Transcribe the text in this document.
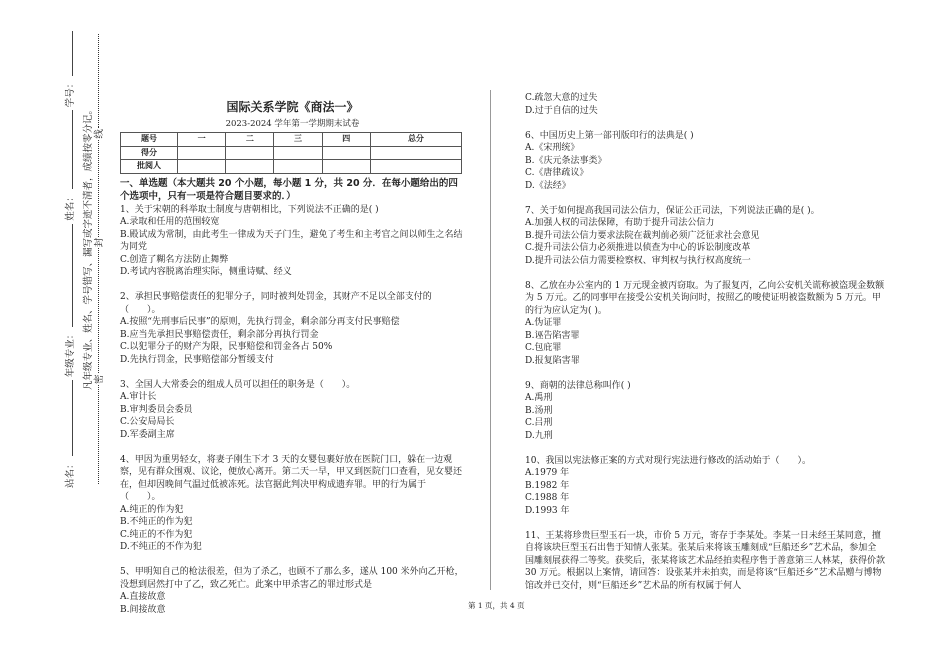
站名：
年级专业：
姓名：
学号：
凡年级专业、姓名、学号错写、漏写或字迹不清者，成绩按零分记。 密
封
线
国际关系学院《商法一》
2023-2024 学年第一学期期末试卷
题号	一	二	三	四	总分
得分					
批阅人					
一、单选题（本大题共 20 个小题，每小题 1 分，共 20 分．在每小题给出的四个选项中，只有一项是符合题目要求的．）
1、关于宋朝的科举取士制度与唐朝相比，下列说法不正确的是( )
A.录取和任用的范围较宽
B.殿试成为常制，由此考生一律成为天子门生，避免了考生和主考官之间以师生之名结为同党
C.创造了糊名方法防止舞弊
D.考试内容脱离治理实际，侧重诗赋、经义
2、承担民事赔偿责任的犯罪分子，同时被判处罚金，其财产不足以全部支付的（　　）。
A.按照“先刑事后民事”的原则，先执行罚金，剩余部分再支付民事赔偿
B.应当先承担民事赔偿责任，剩余部分再执行罚金
C.以犯罪分子的财产为限，民事赔偿和罚金各占 50%
D.先执行罚金，民事赔偿部分暂缓支付
3、全国人大常委会的组成人员可以担任的职务是（　　）。
A.审计长
B.审判委员会委员
C.公安局局长
D.军委副主席
4、甲因为重男轻女，将妻子刚生下才 3 天的女婴包裹好放在医院门口，躲在一边观察，见有群众围观、议论，便放心离开。第二天一早，甲又到医院门口查看，见女婴还在，但却因晚间气温过低被冻死。法官据此判决甲构成遗弃罪。甲的行为属于（　　）。
A.纯正的作为犯
B.不纯正的作为犯
C.纯正的不作为犯
D.不纯正的不作为犯
5、甲明知自己的枪法很差，但为了杀乙，也顾不了那么多，遂从 100 米外向乙开枪，没想到居然打中了乙，致乙死亡。此案中甲杀害乙的罪过形式是
A.直接故意
B.间接故意
C.疏忽大意的过失
D.过于自信的过失
6、中国历史上第一部刊版印行的法典是( )
A.《宋刑统》
B.《庆元条法事类》
C.《唐律疏议》
D.《法经》
7、关于如何提高我国司法公信力，保证公正司法，下列说法正确的是( )。
A.加强人权的司法保障，有助于提升司法公信力
B.提升司法公信力要求法院在裁判前必须广泛征求社会意见
C.提升司法公信力必须推进以侦查为中心的诉讼制度改革
D.提升司法公信力需要检察权、审判权与执行权高度统一
8、乙放在办公室内的 1 万元现金被丙窃取。为了报复丙，乙向公安机关谎称被盗现金数额为 5 万元。乙的同事甲在接受公安机关询问时，按照乙的唆使证明被盗数额为 5 万元。甲的行为应认定为( )。
A.伪证罪
B.诬告陷害罪
C.包庇罪
D.报复陷害罪
9、商朝的法律总称叫作( )
A.禹刑
B.汤刑
C.吕刑
D.九刑
10、我国以宪法修正案的方式对现行宪法进行修改的活动始于（　　）。
A.1979 年
B.1982 年
C.1988 年
D.1993 年
11、王某将珍贵巨型玉石一块，市价 5 万元，寄存于李某处。李某一日未经王某同意，擅自将该块巨型玉石出售于知情人张某。张某后来将该玉雕刻成“巨船还乡”艺术品，参加全国雕刻展获得二等奖。获奖后，张某将该艺术品经拍卖程序售于善意第三人林某，获得价款 30 万元。根据以上案情，请回答：设张某并未拍卖，而是将该“巨船还乡”艺术品赠与博物馆改并已交付，则“巨船还乡”艺术品的所有权属于何人
第 1 页，共 4 页
